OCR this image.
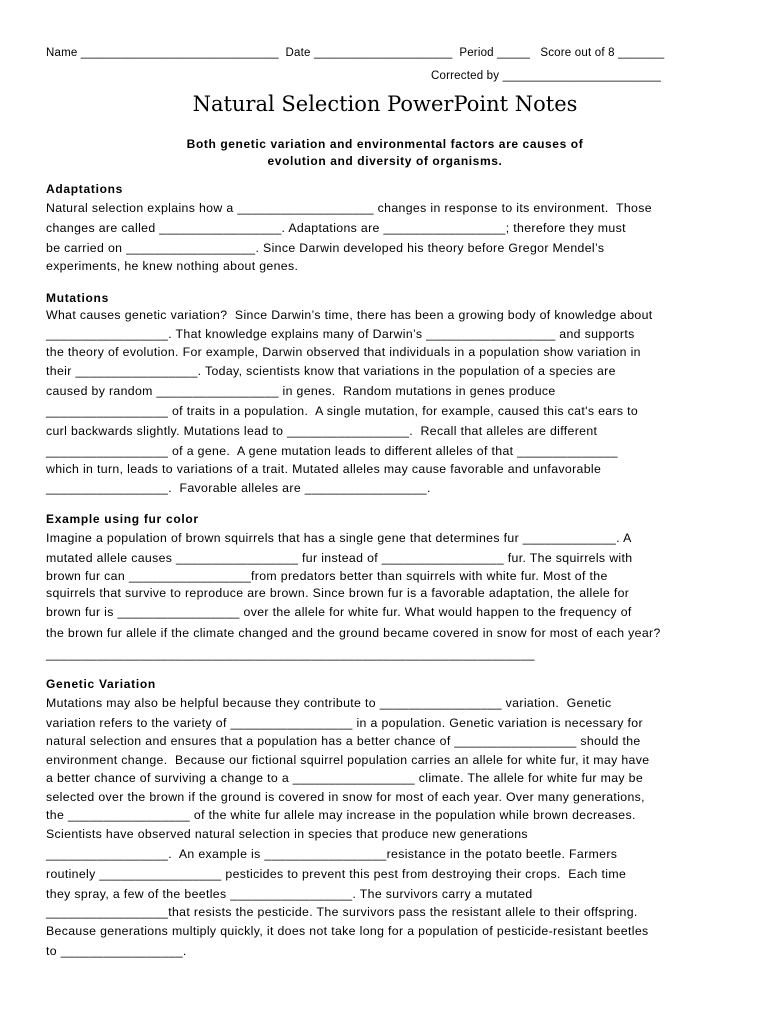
Name ______________________________  Date _____________________  Period _____   Score out of 8 _______
Corrected by ________________________
Natural Selection PowerPoint Notes
Both genetic variation and environmental factors are causes of
evolution and diversity of organisms.
Adaptations
Natural selection explains how a ___________________ changes in response to its environment.  Those
changes are called _________________. Adaptations are _________________; therefore they must
be carried on __________________. Since Darwin developed his theory before Gregor Mendel’s
experiments, he knew nothing about genes.
Mutations
What causes genetic variation?  Since Darwin’s time, there has been a growing body of knowledge about
_________________. That knowledge explains many of Darwin’s __________________ and supports
the theory of evolution. For example, Darwin observed that individuals in a population show variation in
their _________________. Today, scientists know that variations in the population of a species are
caused by random _________________ in genes.  Random mutations in genes produce
_________________ of traits in a population.  A single mutation, for example, caused this cat's ears to
curl backwards slightly. Mutations lead to _________________.  Recall that alleles are different
_________________ of a gene.  A gene mutation leads to different alleles of that ______________
which in turn, leads to variations of a trait. Mutated alleles may cause favorable and unfavorable
_________________.  Favorable alleles are _________________.
Example using fur color
Imagine a population of brown squirrels that has a single gene that determines fur _____________. A
mutated allele causes _________________ fur instead of _________________ fur. The squirrels with
brown fur can _________________from predators better than squirrels with white fur. Most of the
squirrels that survive to reproduce are brown. Since brown fur is a favorable adaptation, the allele for
brown fur is _________________ over the allele for white fur. What would happen to the frequency of
the brown fur allele if the climate changed and the ground became covered in snow for most of each year?
____________________________________________________________________
Genetic Variation
Mutations may also be helpful because they contribute to _________________ variation.  Genetic
variation refers to the variety of _________________ in a population. Genetic variation is necessary for
natural selection and ensures that a population has a better chance of _________________ should the
environment change.  Because our fictional squirrel population carries an allele for white fur, it may have
a better chance of surviving a change to a _________________ climate. The allele for white fur may be
selected over the brown if the ground is covered in snow for most of each year. Over many generations,
the _________________ of the white fur allele may increase in the population while brown decreases.
Scientists have observed natural selection in species that produce new generations
_________________.  An example is _________________resistance in the potato beetle. Farmers
routinely _________________ pesticides to prevent this pest from destroying their crops.  Each time
they spray, a few of the beetles _________________. The survivors carry a mutated
_________________that resists the pesticide. The survivors pass the resistant allele to their offspring.
Because generations multiply quickly, it does not take long for a population of pesticide-resistant beetles
to _________________.
